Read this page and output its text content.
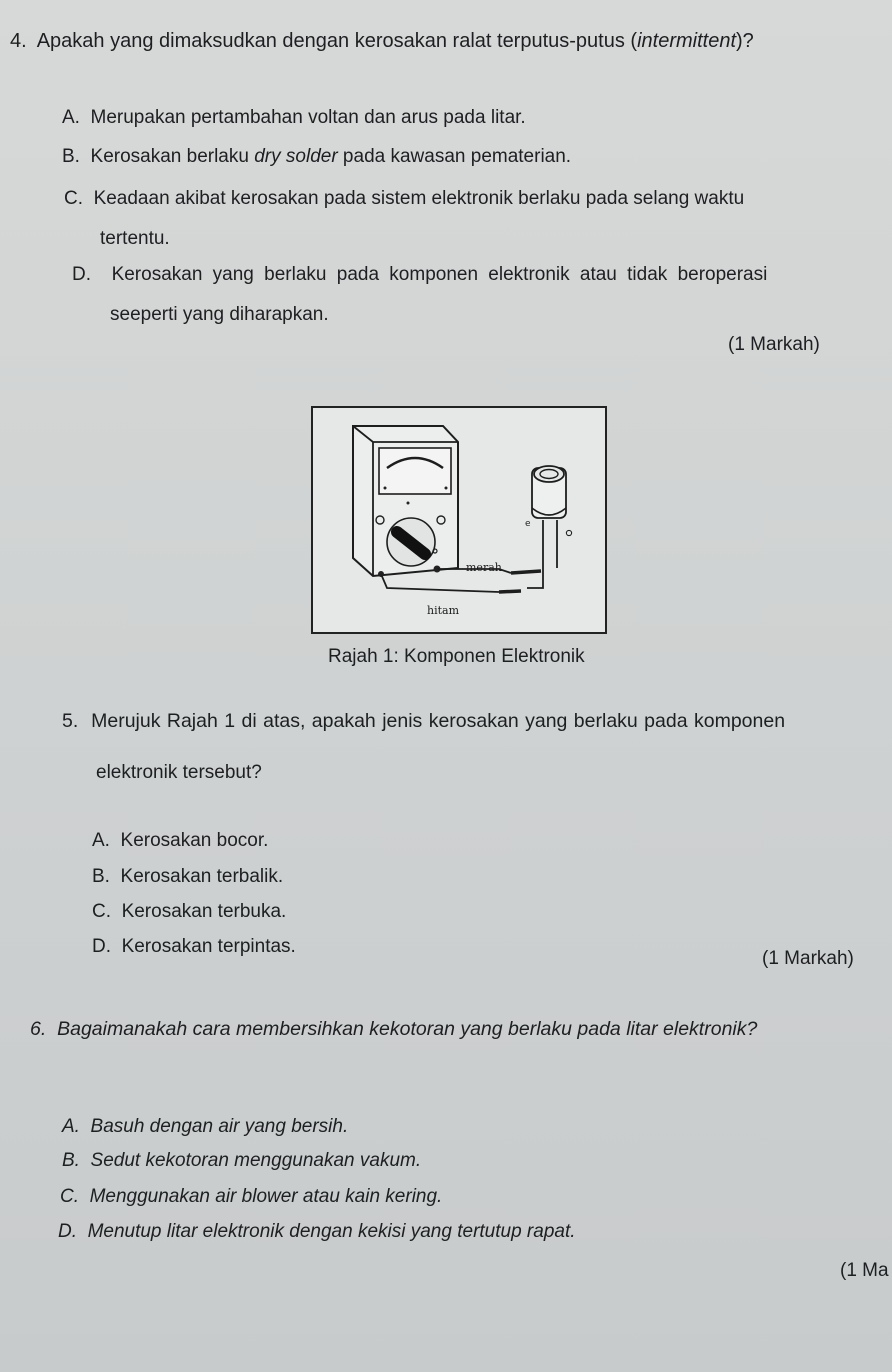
4. Apakah yang dimaksudkan dengan kerosakan ralat terputus-putus (intermittent)?
A. Merupakan pertambahan voltan dan arus pada litar.
B. Kerosakan berlaku dry solder pada kawasan pematerian.
C. Keadaan akibat kerosakan pada sistem elektronik berlaku pada selang waktu
tertentu.
D. Kerosakan yang berlaku pada komponen elektronik atau tidak beroperasi
seeperti yang diharapkan.
(1 Markah)
e
merah
hitam
Rajah 1: Komponen Elektronik
5. Merujuk Rajah 1 di atas, apakah jenis kerosakan yang berlaku pada komponen
elektronik tersebut?
A. Kerosakan bocor.
B. Kerosakan terbalik.
C. Kerosakan terbuka.
D. Kerosakan terpintas.
(1 Markah)
6. Bagaimanakah cara membersihkan kekotoran yang berlaku pada litar elektronik?
A. Basuh dengan air yang bersih.
B. Sedut kekotoran menggunakan vakum.
C. Menggunakan air blower atau kain kering.
D. Menutup litar elektronik dengan kekisi yang tertutup rapat.
(1 Ma
